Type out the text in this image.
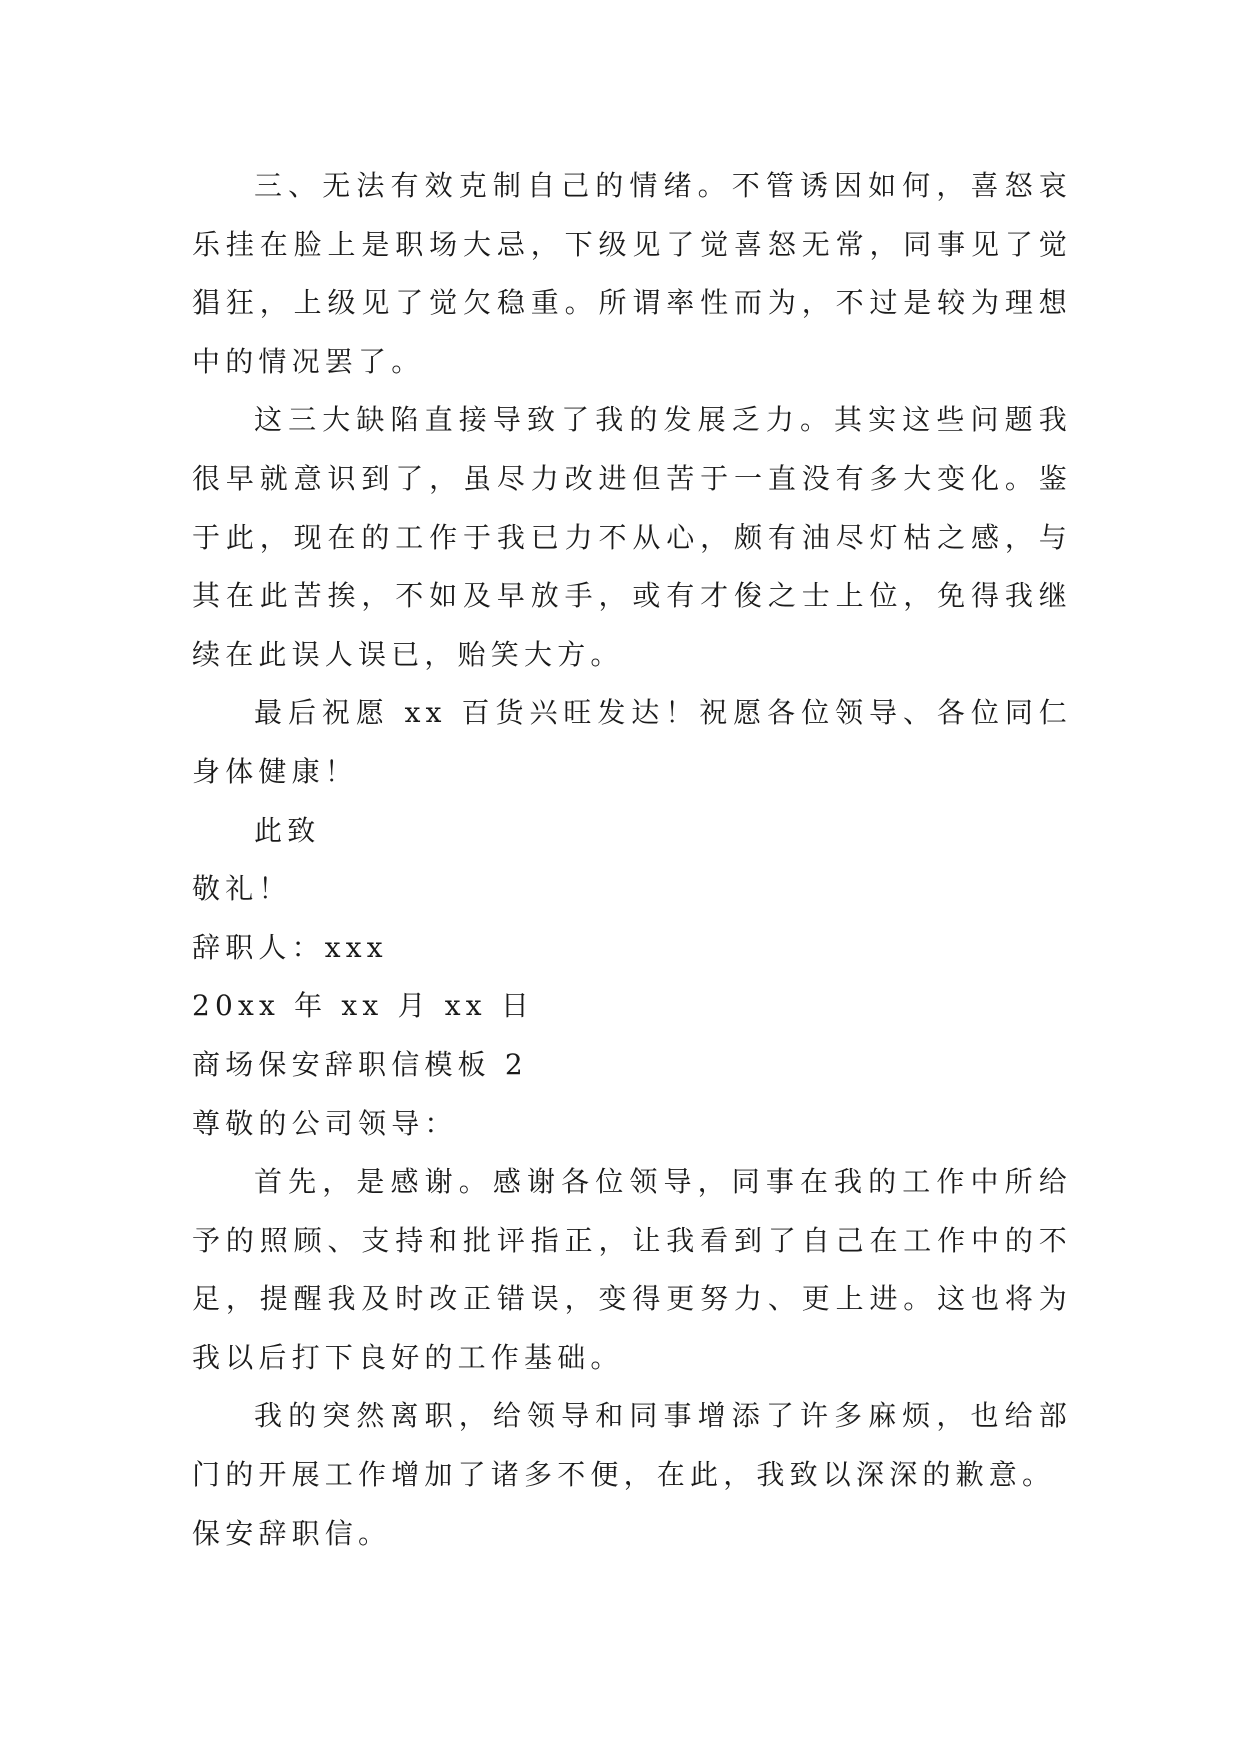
三、无法有效克制自己的情绪。不管诱因如何，喜怒哀乐挂在脸上是职场大忌，下级见了觉喜怒无常，同事见了觉猖狂，上级见了觉欠稳重。所谓率性而为，不过是较为理想中的情况罢了。

这三大缺陷直接导致了我的发展乏力。其实这些问题我很早就意识到了，虽尽力改进但苦于一直没有多大变化。鉴于此，现在的工作于我已力不从心，颇有油尽灯枯之感，与其在此苦挨，不如及早放手，或有才俊之士上位，免得我继续在此误人误已，贻笑大方。

最后祝愿 xx 百货兴旺发达！祝愿各位领导、各位同仁身体健康！

此致

敬礼！

辞职人：xxx

20xx 年 xx 月 xx 日

商场保安辞职信模板 2

尊敬的公司领导：

首先，是感谢。感谢各位领导，同事在我的工作中所给予的照顾、支持和批评指正，让我看到了自己在工作中的不足，提醒我及时改正错误，变得更努力、更上进。这也将为我以后打下良好的工作基础。

我的突然离职，给领导和同事增添了许多麻烦，也给部门的开展工作增加了诸多不便，在此，我致以深深的歉意。

保安辞职信。
